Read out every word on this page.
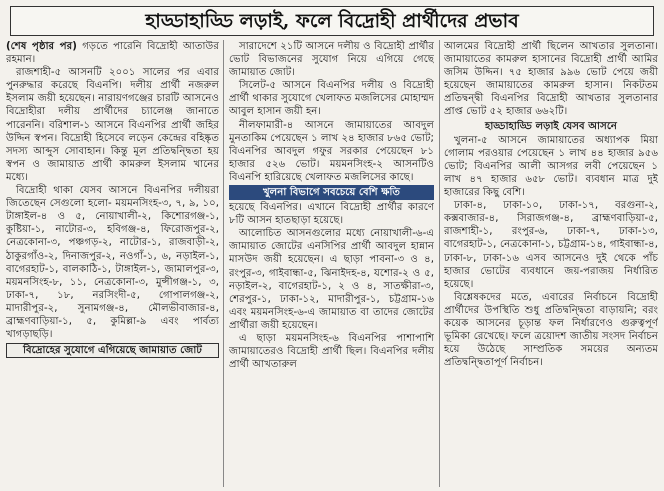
হাড্ডাহাড্ডি লড়াই, ফলে বিদ্রোহী প্রার্থীদের প্রভাব

(শেষ পৃষ্ঠার পর) গড়তে পারেনি বিদ্রোহী আতাউর রহমান।

রাজশাহী-৫ আসনটি ২০০১ সালের পর এবার পুনরুদ্ধার করেছে বিএনপি। দলীয় প্রার্থী নজরুল ইসলাম জয়ী হয়েছেন। নারায়ণগঞ্জের চারটি আসনেও বিদ্রোহীরা দলীয় প্রার্থীদের চ্যালেঞ্জ জানাতে পারেননি। বরিশাল-১ আসনে বিএনপির প্রার্থী জহির উদ্দিন স্বপন। বিদ্রোহী হিসেবে লড়েন কেন্দ্রের বহিষ্কৃত সদস্য আব্দুস সোবাহান। কিন্তু মূল প্রতিদ্বন্দ্বিতা হয় স্বপন ও জামায়াত প্রার্থী কামরুল ইসলাম খানের মধ্যে।

বিদ্রোহী থাকা যেসব আসনে বিএনপির দলীয়রা জিতেছেন সেগুলো হলো- ময়মনসিংহ-৩, ৭, ৯, ১০, টাঙ্গাইল-৪ ও ৫, নোয়াখালী-২, কিশোরগঞ্জ-১, কুষ্টিয়া-১, নাটোর-৩, হবিগঞ্জ-৪, ফিরোজপুর-২, নেত্রকোনা-৩, পঞ্চগড়-২, নাটোর-১, রাজবাড়ী-২, ঠাকুরগাঁও-২, দিনাজপুর-২, নওগাঁ-১, ৬, নড়াইল-১, বাগেরহাট-১, বালকাঠি-১, টাঙ্গাইল-১, জামালপুর-৩, ময়মনসিংহ-৮, ১১, নেত্রকোনা-৩, মুন্সীগঞ্জ-১, ৩, ঢাকা-৭, ১৮, নরসিংদী-৫, গোপালগঞ্জ-২, মাদারীপুর-২, সুনামগঞ্জ-৪, মৌলভীবাজার-৪, ব্রাহ্মণবাড়িয়া-১, ৫, কুমিল্লা-৯ এবং পার্বত্য খাগড়াছড়ি।

বিদ্রোহের সুযোগে এগিয়েছে জামায়াত জোট

সারাদেশে ২১টি আসনে দলীয় ও বিদ্রোহী প্রার্থীর ভোট বিভাজনের সুযোগ নিয়ে এগিয়ে গেছে জামায়াত জোট।

সিলেট-৫ আসনে বিএনপির দলীয় ও বিদ্রোহী প্রার্থী থাকার সুযোগে খেলাফত মজলিসের মোহাম্মদ আবুল হাসান জয়ী হন।

নীলফামারী-৪ আসনে জামায়াতের আবদুল মুনতাকিম পেয়েছেন ১ লাখ ২৪ হাজার ৮৬৫ ভোট; বিএনপির আবদুল গফুর সরকার পেয়েছেন ৮১ হাজার ৫২৬ ভোট। ময়মনসিংহ-২ আসনটিও বিএনপি হারিয়েছে খেলাফত মজলিসের কাছে।

খুলনা বিভাগে সবচেয়ে বেশি ক্ষতি

হয়েছে বিএনপির। এখানে বিদ্রোহী প্রার্থীর কারণে ৮টি আসন হাতছাড়া হয়েছে।

আলোচিত আসনগুলোর মধ্যে নোয়াখালী-৬-এ জামায়াত জোটের এনসিপির প্রার্থী আবদুল হান্নান মাসউদ জয়ী হয়েছেন। এ ছাড়া পাবনা-৩ ও ৪, রংপুর-৩, গাইবান্ধা-৫, ঝিনাইদহ-৪, যশোর-২ ও ৫, নড়াইল-২, বাগেরহাট-১, ২ ও ৪, সাতক্ষীরা-৩, শেরপুর-১, ঢাকা-১২, মাদারীপুর-১, চট্টগ্রাম-১৬ এবং ময়মনসিংহ-৬-এ জামায়াত বা তাদের জোটের প্রার্থীরা জয়ী হয়েছেন।

এ ছাড়া ময়মনসিংহ-৬ বিএনপির পাশাপাশি জামায়াতেরও বিদ্রোহী প্রার্থী ছিল। বিএনপির দলীয় প্রার্থী আখতারুল

আলমের বিদ্রোহী প্রার্থী ছিলেন আখতার সুলতানা। জামায়াতের কামরুল হাসানের বিদ্রোহী প্রার্থী আমির জসিম উদ্দিন। ৭৫ হাজার ৯৯৬ ভোট পেয়ে জয়ী হয়েছেন জামায়াতের কামরুল হাসান। নিকটতম প্রতিদ্বন্দ্বী বিএনপির বিদ্রোহী আখতার সুলতানার প্রাপ্ত ভোট ৫২ হাজার ৬৬২টি।

হাড্ডাহাড্ডি লড়াই যেসব আসনে

খুলনা-৫ আসনে জামায়াতের অধ্যাপক মিয়া গোলাম পরওয়ার পেয়েছেন ১ লাখ ৪৪ হাজার ৯৫৬ ভোট; বিএনপির আলী আসগর লবী পেয়েছেন ১ লাখ ৪৭ হাজার ৬৫৮ ভোট। ব্যবধান মাত্র দুই হাজারের কিছু বেশি।

ঢাকা-৪, ঢাকা-১০, ঢাকা-১৭, বরগুনা-২, কক্সবাজার-৪, সিরাজগঞ্জ-৪, ব্রাহ্মণবাড়িয়া-৫, রাজশাহী-১, রংপুর-৬, ঢাকা-৭, ঢাকা-১৩, বাগেরহাট-১, নেত্রকোনা-১, চট্টগ্রাম-১৪, গাইবান্ধা-৪, ঢাকা-৮, ঢাকা-১৬ এসব আসনেও দুই থেকে পাঁচ হাজার ভোটের ব্যবধানে জয়-পরাজয় নির্ধারিত হয়েছে।

বিশ্লেষকদের মতে, এবারের নির্বাচনে বিদ্রোহী প্রার্থীদের উপস্থিতি শুধু প্রতিদ্বন্দ্বিতা বাড়ায়নি; বরং কয়েক আসনের চূড়ান্ত ফল নির্ধারণেও গুরুত্বপূর্ণ ভূমিকা রেখেছে। ফলে ত্রয়োদশ জাতীয় সংসদ নির্বাচন হয়ে উঠেছে সাম্প্রতিক সময়ের অন্যতম প্রতিদ্বন্দ্বিতাপূর্ণ নির্বাচন।
